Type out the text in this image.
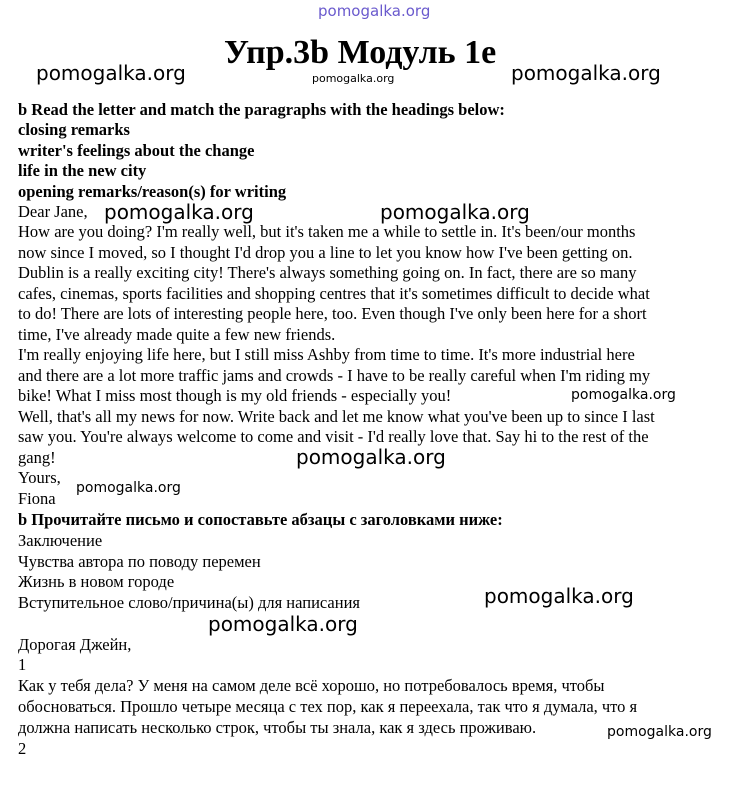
pomogalka.org
pomogalka.org	pomogalka.org	pomogalka.org
pomogalka.org	pomogalka.org
pomogalka.org
pomogalka.org
pomogalka.org
pomogalka.org
pomogalka.org
pomogalka.org
Упр.3b Модуль 1е
b Read the letter and match the paragraphs with the headings below:
closing remarks
writer's feelings about the change
life in the new city
opening remarks/reason(s) for writing
Dear Jane,
How are you doing? I'm really well, but it's taken me a while to settle in. It's been/our months
now since I moved, so I thought I'd drop you a line to let you know how I've been getting on.
Dublin is a really exciting city! There's always something going on. In fact, there are so many
cafes, cinemas, sports facilities and shopping centres that it's sometimes difficult to decide what
to do! There are lots of interesting people here, too. Even though I've only been here for a short
time, I've already made quite a few new friends.
I'm really enjoying life here, but I still miss Ashby from time to time. It's more industrial here
and there are a lot more traffic jams and crowds - I have to be really careful when I'm riding my
bike! What I miss most though is my old friends - especially you!
Well, that's all my news for now. Write back and let me know what you've been up to since I last
saw you. You're always welcome to come and visit - I'd really love that. Say hi to the rest of the
gang!
Yours,
Fiona
b Прочитайте письмо и сопоставьте абзацы с заголовками ниже:
Заключение
Чувства автора по поводу перемен
Жизнь в новом городе
Вступительное слово/причина(ы) для написания
Дорогая Джейн,
1
Как у тебя дела? У меня на самом деле всё хорошо, но потребовалось время, чтобы
обосноваться. Прошло четыре месяца с тех пор, как я переехала, так что я думала, что я
должна написать несколько строк, чтобы ты знала, как я здесь проживаю.
2
